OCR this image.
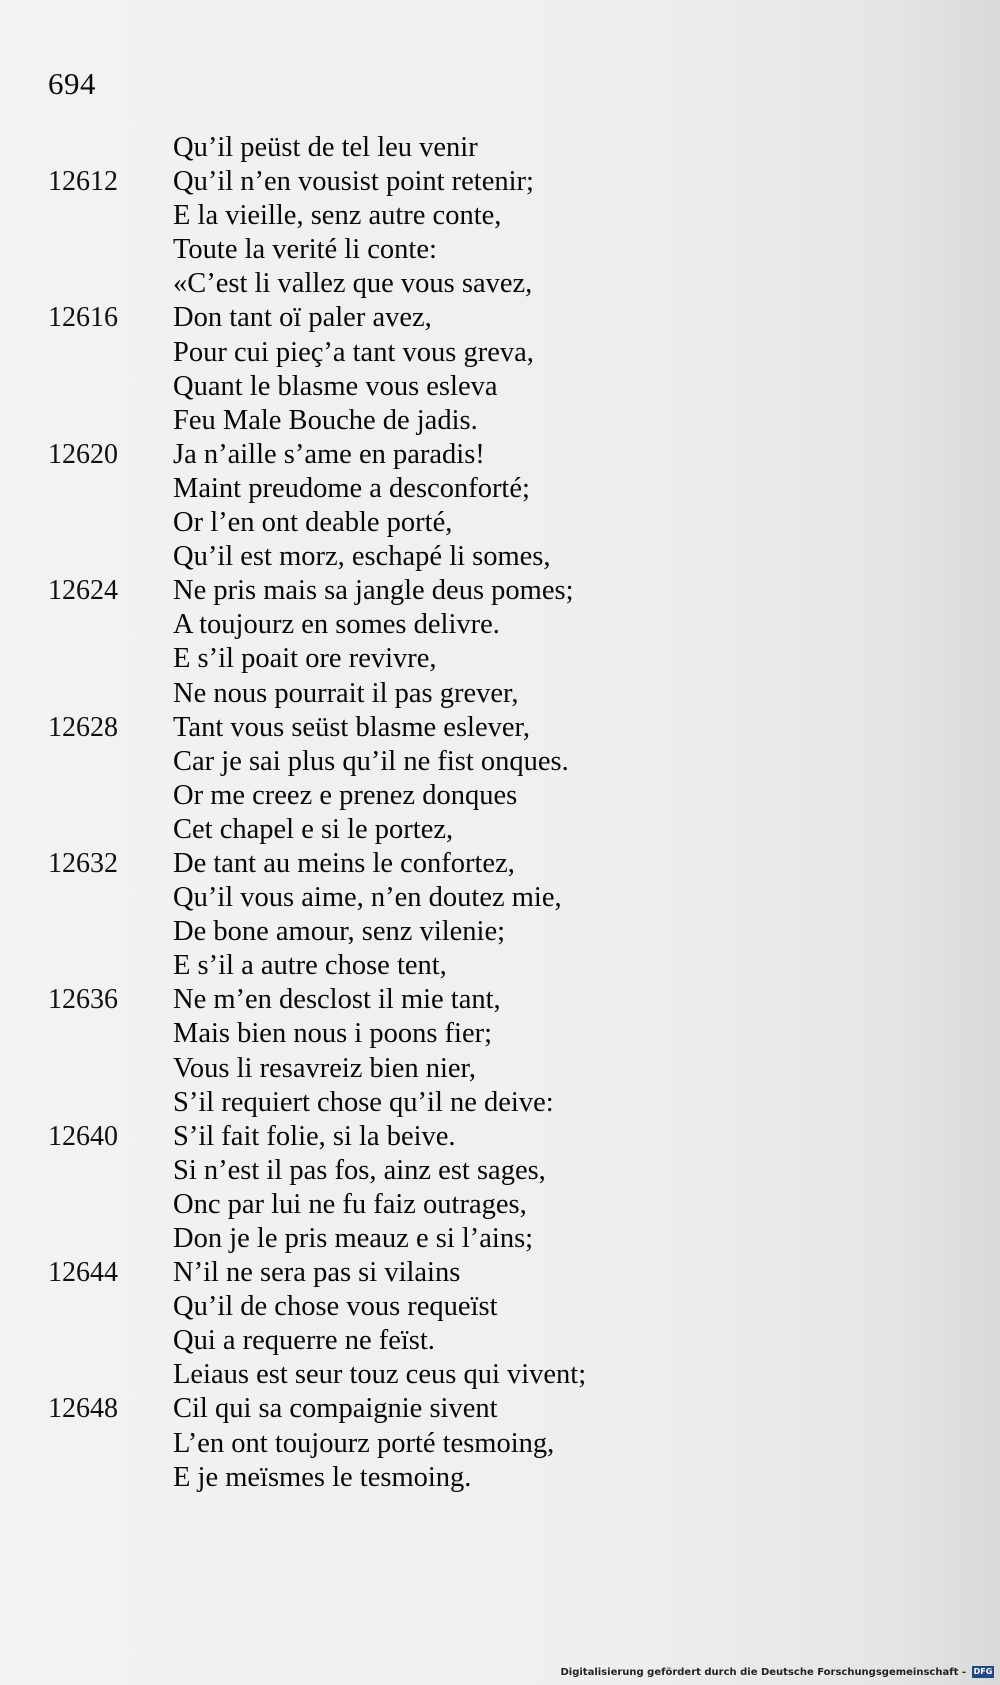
694
Qu’il peüst de tel leu venir
12612 Qu’il n’en vousist point retenir;
E la vieille, senz autre conte,
Toute la verité li conte:
«C’est li vallez que vous savez,
12616 Don tant oï paler avez,
Pour cui pieç’a tant vous greva,
Quant le blasme vous esleva
Feu Male Bouche de jadis.
12620 Ja n’aille s’ame en paradis!
Maint preudome a desconforté;
Or l’en ont deable porté,
Qu’il est morz, eschapé li somes,
12624 Ne pris mais sa jangle deus pomes;
A toujourz en somes delivre.
E s’il poait ore revivre,
Ne nous pourrait il pas grever,
12628 Tant vous seüst blasme eslever,
Car je sai plus qu’il ne fist onques.
Or me creez e prenez donques
Cet chapel e si le portez,
12632 De tant au meins le confortez,
Qu’il vous aime, n’en doutez mie,
De bone amour, senz vilenie;
E s’il a autre chose tent,
12636 Ne m’en desclost il mie tant,
Mais bien nous i poons fier;
Vous li resavreiz bien nier,
S’il requiert chose qu’il ne deive:
12640 S’il fait folie, si la beive.
Si n’est il pas fos, ainz est sages,
Onc par lui ne fu faiz outrages,
Don je le pris meauz e si l’ains;
12644 N’il ne sera pas si vilains
Qu’il de chose vous requeïst
Qui a requerre ne feïst.
Leiaus est seur touz ceus qui vivent;
12648 Cil qui sa compaignie sivent
L’en ont toujourz porté tesmoing,
E je meïsmes le tesmoing.
Digitalisierung gefördert durch die Deutsche Forschungsgemeinschaft - DFG
